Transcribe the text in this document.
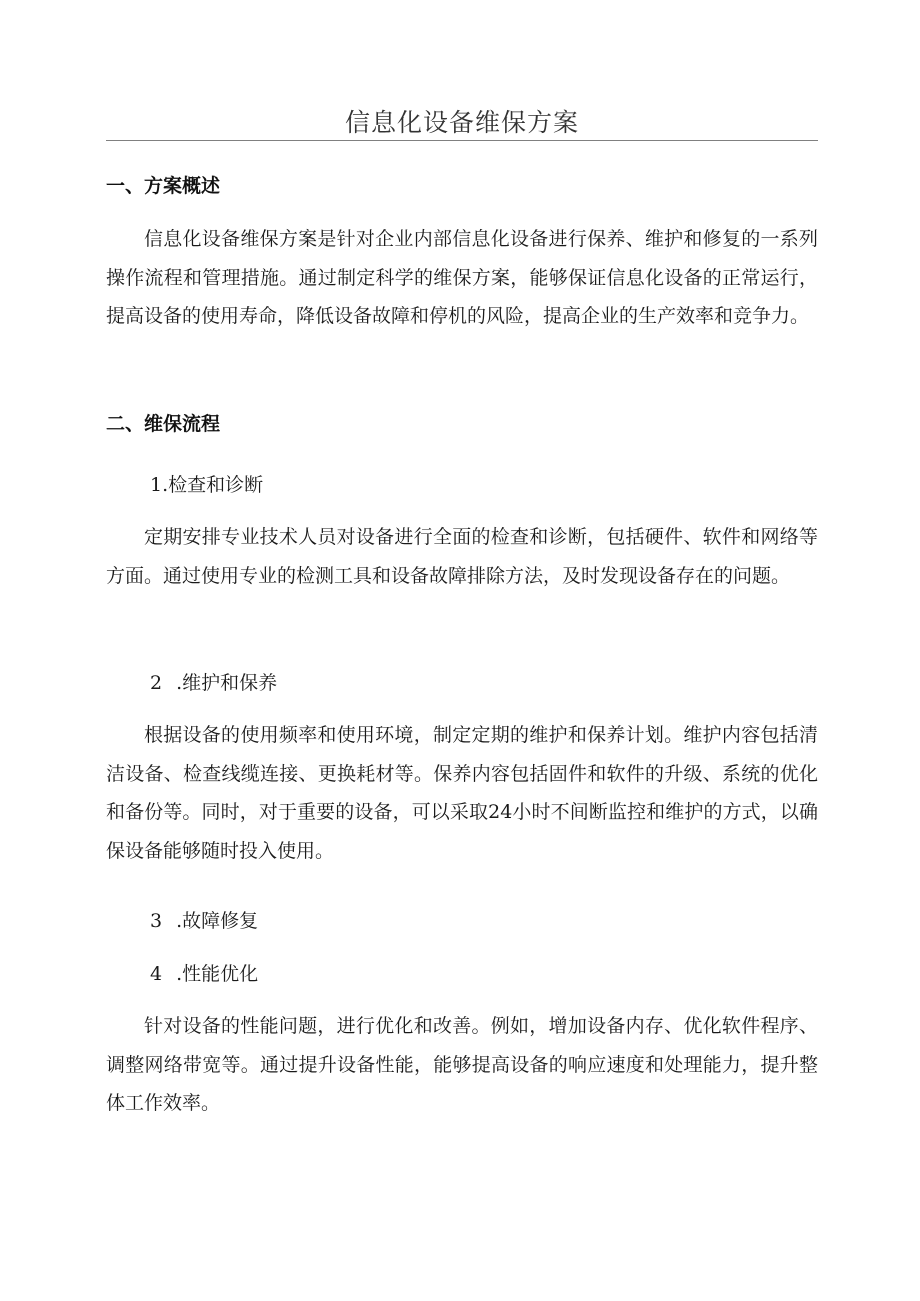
信息化设备维保方案
一、方案概述

信息化设备维保方案是针对企业内部信息化设备进行保养、维护和修复的一系列操作流程和管理措施。通过制定科学的维保方案，能够保证信息化设备的正常运行，提高设备的使用寿命，降低设备故障和停机的风险，提高企业的生产效率和竞争力。

二、维保流程
1.检查和诊断

定期安排专业技术人员对设备进行全面的检查和诊断，包括硬件、软件和网络等方面。通过使用专业的检测工具和设备故障排除方法，及时发现设备存在的问题。

2 .维护和保养

根据设备的使用频率和使用环境，制定定期的维护和保养计划。维护内容包括清洁设备、检查线缆连接、更换耗材等。保养内容包括固件和软件的升级、系统的优化和备份等。同时，对于重要的设备，可以采取24小时不间断监控和维护的方式，以确保设备能够随时投入使用。

3 .故障修复
4 .性能优化

针对设备的性能问题，进行优化和改善。例如，增加设备内存、优化软件程序、调整网络带宽等。通过提升设备性能，能够提高设备的响应速度和处理能力，提升整体工作效率。
